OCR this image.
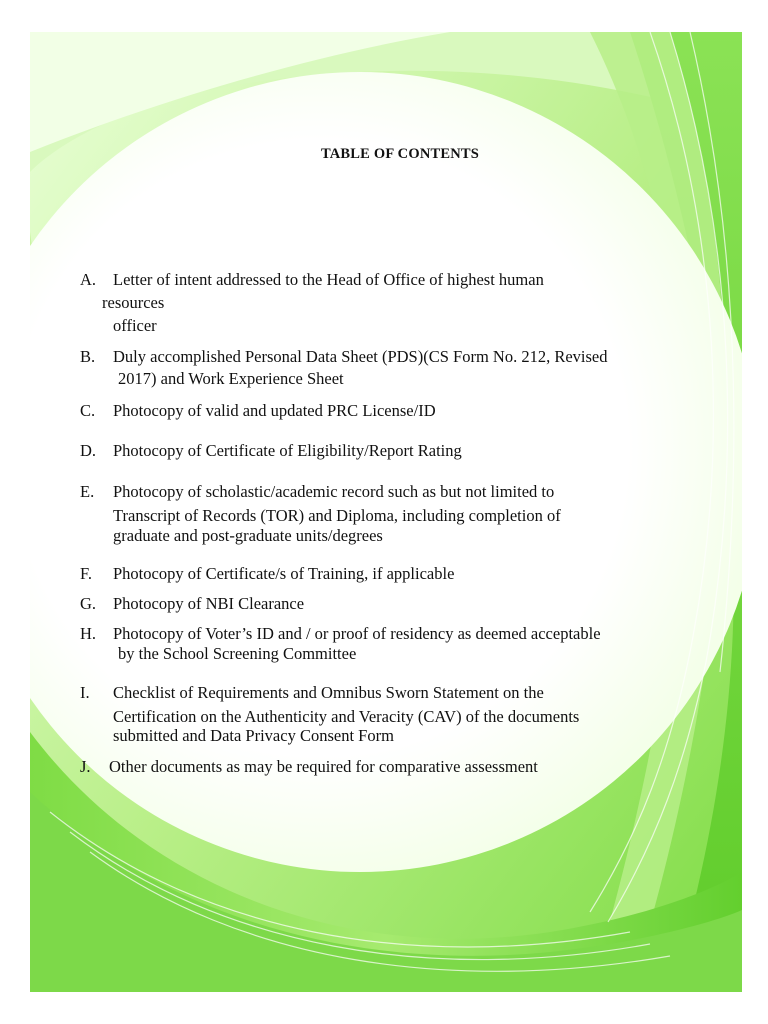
TABLE OF CONTENTS
A. Letter of intent addressed to the Head of Office of highest human
resources
officer
B. Duly accomplished Personal Data Sheet (PDS)(CS Form No. 212, Revised
2017) and Work Experience Sheet
C. Photocopy of valid and updated PRC License/ID
D. Photocopy of Certificate of Eligibility/Report Rating
E. Photocopy of scholastic/academic record such as but not limited to
Transcript of Records (TOR) and Diploma, including completion of
graduate and post-graduate units/degrees
F. Photocopy of Certificate/s of Training, if applicable
G. Photocopy of NBI Clearance
H. Photocopy of Voter’s ID and / or proof of residency as deemed acceptable
by the School Screening Committee
I. Checklist of Requirements and Omnibus Sworn Statement on the
Certification on the Authenticity and Veracity (CAV) of the documents
submitted and Data Privacy Consent Form
J. Other documents as may be required for comparative assessment
